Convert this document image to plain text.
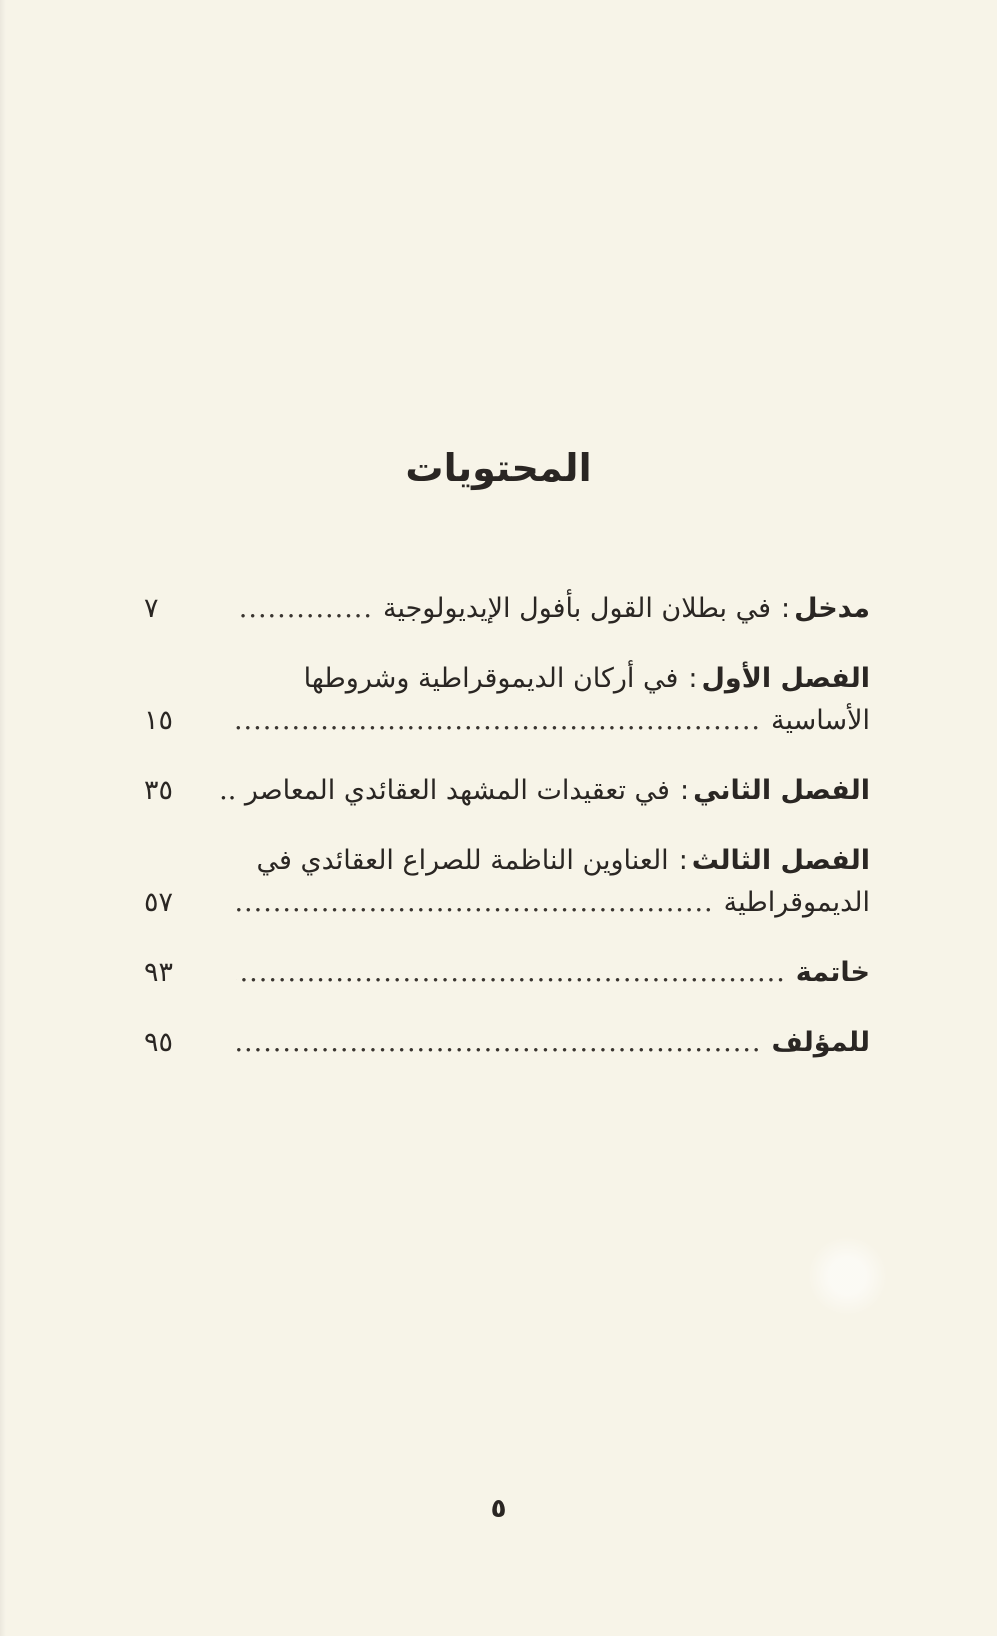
المحتويات
مدخل
:
في بطلان القول بأفول الإيديولوجية
.....
٧
الفصل الأول
:
في أركان الديموقراطية وشروطها
الأساسية
.....
١٥
الفصل الثاني
:
في تعقيدات المشهد العقائدي المعاصر ..
٣٥
الفصل الثالث
:
العناوين الناظمة للصراع العقائدي في
الديموقراطية
.....
٥٧
خاتمة
.....
٩٣
للمؤلف
.....
٩٥
٥
